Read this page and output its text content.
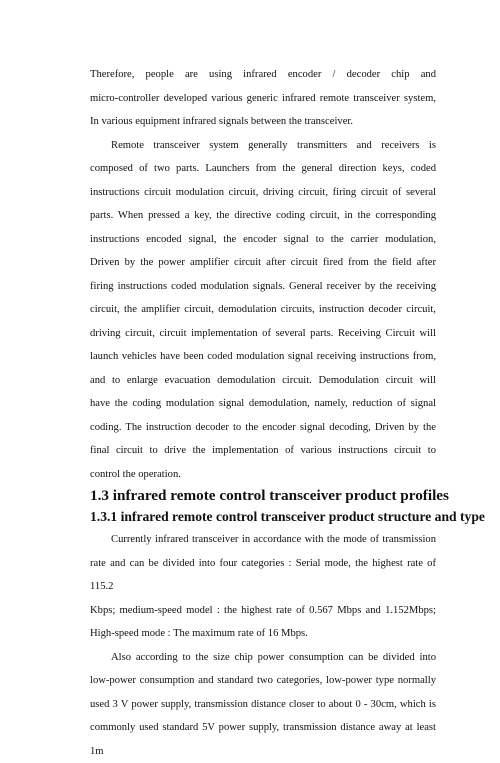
Therefore, people are using infrared encoder / decoder chip and
micro-controller developed various generic infrared remote transceiver system,
In various equipment infrared signals between the transceiver.

Remote transceiver system generally transmitters and receivers is
composed of two parts. Launchers from the general direction keys, coded
instructions circuit modulation circuit, driving circuit, firing circuit of several
parts. When pressed a key, the directive coding circuit, in the corresponding
instructions encoded signal, the encoder signal to the carrier modulation,
Driven by the power amplifier circuit after circuit fired from the field after
firing instructions coded modulation signals. General receiver by the receiving
circuit, the amplifier circuit, demodulation circuits, instruction decoder circuit,
driving circuit, circuit implementation of several parts. Receiving Circuit will
launch vehicles have been coded modulation signal receiving instructions from,
and to enlarge evacuation demodulation circuit. Demodulation circuit will
have the coding modulation signal demodulation, namely, reduction of signal
coding. The instruction decoder to the encoder signal decoding, Driven by the
final circuit to drive the implementation of various instructions circuit to
control the operation.

1.3 infrared remote control transceiver product profiles
1.3.1 infrared remote control transceiver product structure and type

Currently infrared transceiver in accordance with the mode of transmission
rate and can be divided into four categories : Serial mode, the highest rate of 115.2
Kbps; medium-speed model : the highest rate of 0.567 Mbps and 1.152Mbps;
High-speed mode : The maximum rate of 16 Mbps.

Also according to the size chip power consumption can be divided into
low-power consumption and standard two categories, low-power type normally
used 3 V power supply, transmission distance closer to about 0 - 30cm, which is
commonly used standard 5V power supply, transmission distance away at least 1m
